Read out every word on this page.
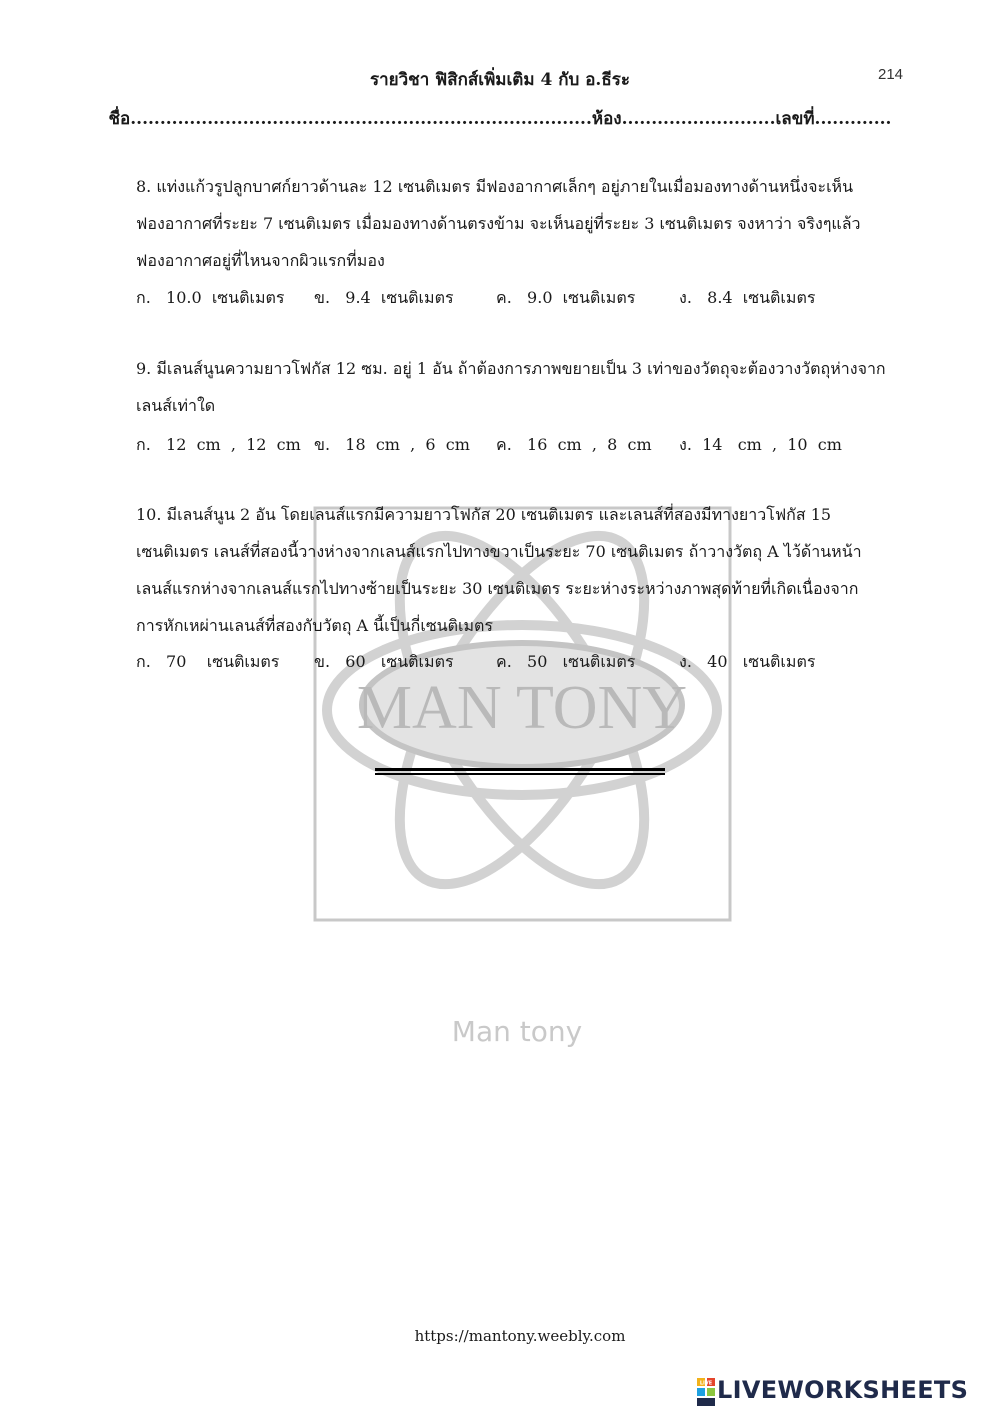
MAN TONY
Man tony
214
รายวิชา ฟิสิกส์เพิ่มเติม 4 กับ อ.ธีระ
ชื่อ..............................................................................ห้อง..........................เลขที่.............
8. แท่งแก้วรูปลูกบาศก์ยาวด้านละ 12 เซนติเมตร มีฟองอากาศเล็กๆ อยู่ภายในเมื่อมองทางด้านหนึ่งจะเห็น
ฟองอากาศที่ระยะ 7 เซนติเมตร เมื่อมองทางด้านตรงข้าม จะเห็นอยู่ที่ระยะ 3 เซนติเมตร จงหาว่า จริงๆแล้ว
ฟองอากาศอยู่ที่ไหนจากผิวแรกที่มอง
ก.   10.0  เซนติเมตร ข.   9.4  เซนติเมตร	ค.   9.0  เซนติเมตร	ง.   8.4  เซนติเมตร
9. มีเลนส์นูนความยาวโฟกัส 12 ซม. อยู่ 1 อัน ถ้าต้องการภาพขยายเป็น 3 เท่าของวัตถุจะต้องวางวัตถุห่างจาก
เลนส์เท่าใด
ก.   12  cm  ,  12  cm ข.   18  cm  ,  6  cm ค.   16  cm  ,  8  cm ง.  14   cm  ,  10  cm
10. มีเลนส์นูน 2 อัน โดยเลนส์แรกมีความยาวโฟกัส 20 เซนติเมตร และเลนส์ที่สองมีทางยาวโฟกัส 15
เซนติเมตร เลนส์ที่สองนี้วางห่างจากเลนส์แรกไปทางขวาเป็นระยะ 70 เซนติเมตร ถ้าวางวัตถุ A ไว้ด้านหน้า
เลนส์แรกห่างจากเลนส์แรกไปทางซ้ายเป็นระยะ 30 เซนติเมตร ระยะห่างระหว่างภาพสุดท้ายที่เกิดเนื่องจาก
การหักเหผ่านเลนส์ที่สองกับวัตถุ A นี้เป็นกี่เซนติเมตร
ก.   70    เซนติเมตร ข.   60   เซนติเมตร	ค.   50   เซนติเมตร	ง.   40   เซนติเมตร
https://mantony.weebly.com
LIVE LIVEWORKSHEETS
